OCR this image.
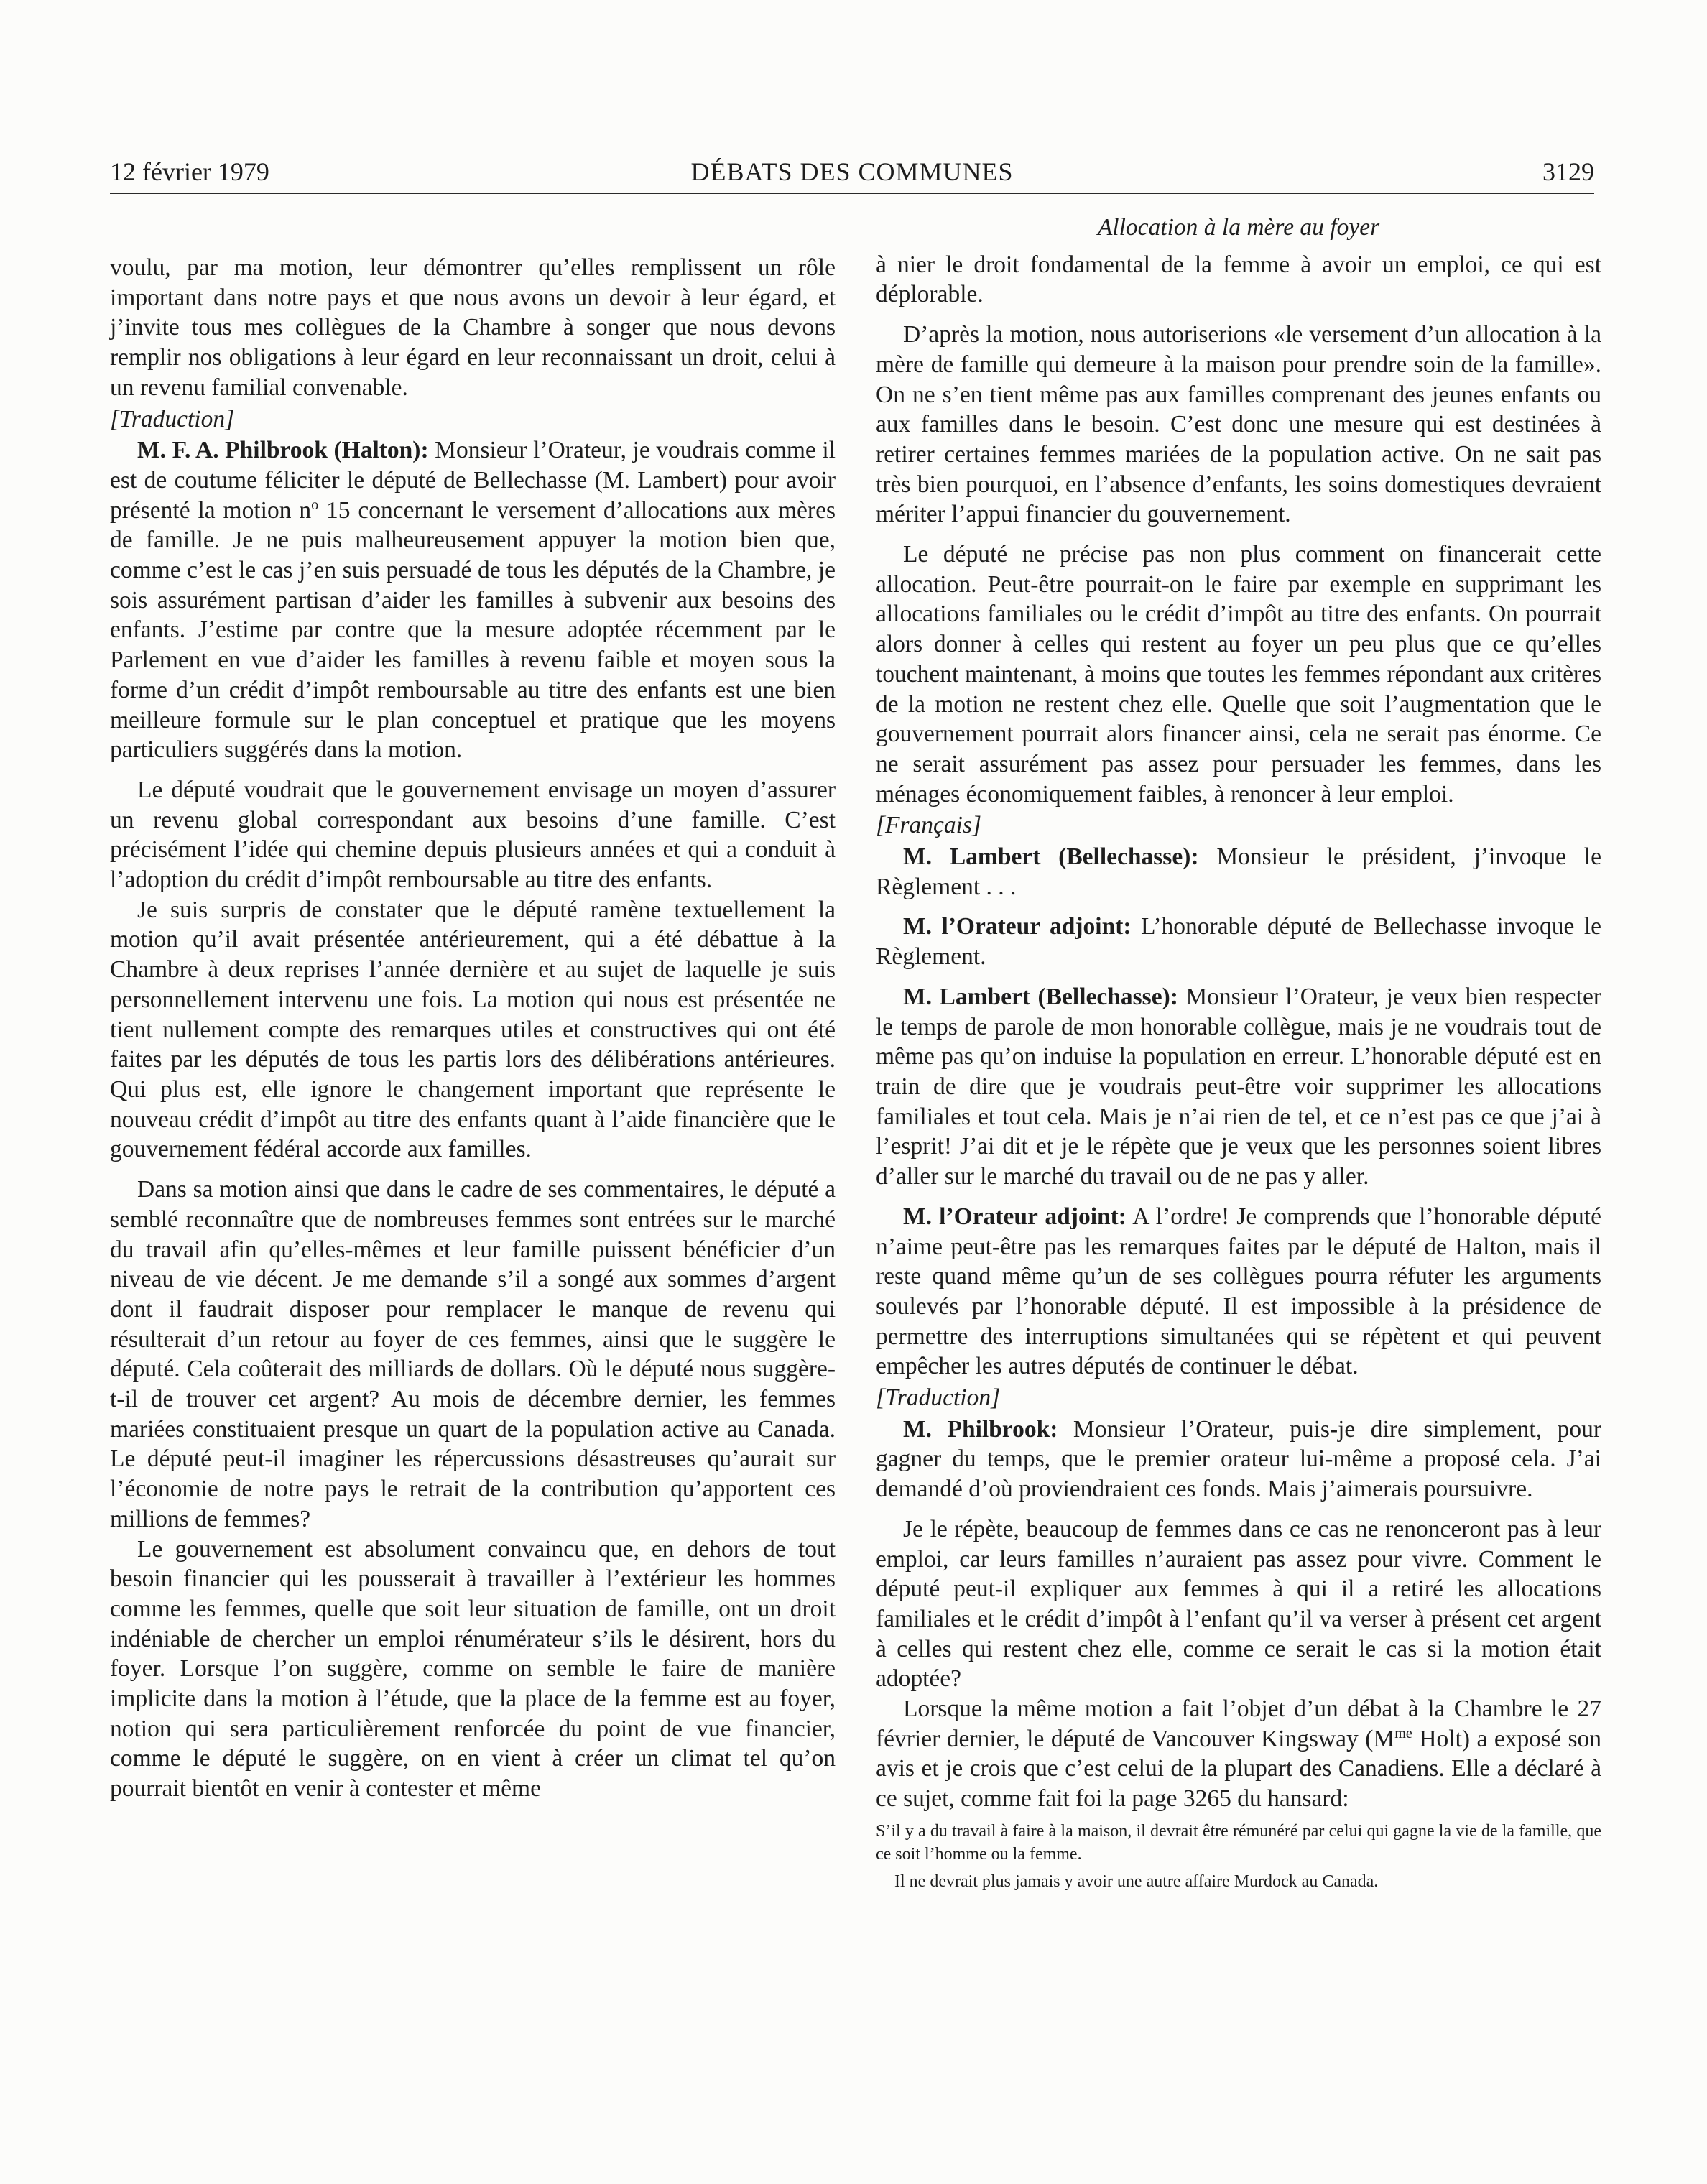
12 février 1979	DÉBATS DES COMMUNES	3129

voulu, par ma motion, leur démontrer qu’elles remplissent un rôle important dans notre pays et que nous avons un devoir à leur égard, et j’invite tous mes collègues de la Chambre à songer que nous devons remplir nos obligations à leur égard en leur reconnaissant un droit, celui à un revenu familial convenable.

[Traduction]

M. F. A. Philbrook (Halton): Monsieur l’Orateur, je voudrais comme il est de coutume féliciter le député de Bellechasse (M. Lambert) pour avoir présenté la motion $n^o$ 15 concernant le versement d’allocations aux mères de famille. Je ne puis malheureusement appuyer la motion bien que, comme c’est le cas j’en suis persuadé de tous les députés de la Chambre, je sois assurément partisan d’aider les familles à subvenir aux besoins des enfants. J’estime par contre que la mesure adoptée récemment par le Parlement en vue d’aider les familles à revenu faible et moyen sous la forme d’un crédit d’impôt remboursable au titre des enfants est une bien meilleure formule sur le plan conceptuel et pratique que les moyens particuliers suggérés dans la motion.

Le député voudrait que le gouvernement envisage un moyen d’assurer un revenu global correspondant aux besoins d’une famille. C’est précisément l’idée qui chemine depuis plusieurs années et qui a conduit à l’adoption du crédit d’impôt remboursable au titre des enfants.

Je suis surpris de constater que le député ramène textuellement la motion qu’il avait présentée antérieurement, qui a été débattue à la Chambre à deux reprises l’année dernière et au sujet de laquelle je suis personnellement intervenu une fois. La motion qui nous est présentée ne tient nullement compte des remarques utiles et constructives qui ont été faites par les députés de tous les partis lors des délibérations antérieures. Qui plus est, elle ignore le changement important que représente le nouveau crédit d’impôt au titre des enfants quant à l’aide financière que le gouvernement fédéral accorde aux familles.

Dans sa motion ainsi que dans le cadre de ses commentaires, le député a semblé reconnaître que de nombreuses femmes sont entrées sur le marché du travail afin qu’elles-mêmes et leur famille puissent bénéficier d’un niveau de vie décent. Je me demande s’il a songé aux sommes d’argent dont il faudrait disposer pour remplacer le manque de revenu qui résulterait d’un retour au foyer de ces femmes, ainsi que le suggère le député. Cela coûterait des milliards de dollars. Où le député nous suggère-t-il de trouver cet argent? Au mois de décembre dernier, les femmes mariées constituaient presque un quart de la population active au Canada. Le député peut-il imaginer les répercussions désastreuses qu’aurait sur l’économie de notre pays le retrait de la contribution qu’apportent ces millions de femmes?

Le gouvernement est absolument convaincu que, en dehors de tout besoin financier qui les pousserait à travailler à l’extérieur les hommes comme les femmes, quelle que soit leur situation de famille, ont un droit indéniable de chercher un emploi rénumérateur s’ils le désirent, hors du foyer. Lorsque l’on suggère, comme on semble le faire de manière implicite dans la motion à l’étude, que la place de la femme est au foyer, notion qui sera particulièrement renforcée du point de vue financier, comme le député le suggère, on en vient à créer un climat tel qu’on pourrait bientôt en venir à contester et même

Allocation à la mère au foyer

à nier le droit fondamental de la femme à avoir un emploi, ce qui est déplorable.

D’après la motion, nous autoriserions «le versement d’un allocation à la mère de famille qui demeure à la maison pour prendre soin de la famille». On ne s’en tient même pas aux familles comprenant des jeunes enfants ou aux familles dans le besoin. C’est donc une mesure qui est destinées à retirer certaines femmes mariées de la population active. On ne sait pas très bien pourquoi, en l’absence d’enfants, les soins domestiques devraient mériter l’appui financier du gouvernement.

Le député ne précise pas non plus comment on financerait cette allocation. Peut-être pourrait-on le faire par exemple en supprimant les allocations familiales ou le crédit d’impôt au titre des enfants. On pourrait alors donner à celles qui restent au foyer un peu plus que ce qu’elles touchent maintenant, à moins que toutes les femmes répondant aux critères de la motion ne restent chez elle. Quelle que soit l’augmentation que le gouvernement pourrait alors financer ainsi, cela ne serait pas énorme. Ce ne serait assurément pas assez pour persuader les femmes, dans les ménages économiquement faibles, à renoncer à leur emploi.

[Français]

M. Lambert (Bellechasse): Monsieur le président, j’invoque le Règlement . . .

M. l’Orateur adjoint: L’honorable député de Bellechasse invoque le Règlement.

M. Lambert (Bellechasse): Monsieur l’Orateur, je veux bien respecter le temps de parole de mon honorable collègue, mais je ne voudrais tout de même pas qu’on induise la population en erreur. L’honorable député est en train de dire que je voudrais peut-être voir supprimer les allocations familiales et tout cela. Mais je n’ai rien de tel, et ce n’est pas ce que j’ai à l’esprit! J’ai dit et je le répète que je veux que les personnes soient libres d’aller sur le marché du travail ou de ne pas y aller.

M. l’Orateur adjoint: A l’ordre! Je comprends que l’honorable député n’aime peut-être pas les remarques faites par le député de Halton, mais il reste quand même qu’un de ses collègues pourra réfuter les arguments soulevés par l’honorable député. Il est impossible à la présidence de permettre des interruptions simultanées qui se répètent et qui peuvent empêcher les autres députés de continuer le débat.

[Traduction]

M. Philbrook: Monsieur l’Orateur, puis-je dire simplement, pour gagner du temps, que le premier orateur lui-même a proposé cela. J’ai demandé d’où proviendraient ces fonds. Mais j’aimerais poursuivre.

Je le répète, beaucoup de femmes dans ce cas ne renonceront pas à leur emploi, car leurs familles n’auraient pas assez pour vivre. Comment le député peut-il expliquer aux femmes à qui il a retiré les allocations familiales et le crédit d’impôt à l’enfant qu’il va verser à présent cet argent à celles qui restent chez elle, comme ce serait le cas si la motion était adoptée?

Lorsque la même motion a fait l’objet d’un débat à la Chambre le 27 février dernier, le député de Vancouver Kingsway ($M^{me}$ Holt) a exposé son avis et je crois que c’est celui de la plupart des Canadiens. Elle a déclaré à ce sujet, comme fait foi la page 3265 du hansard:

S’il y a du travail à faire à la maison, il devrait être rémunéré par celui qui gagne la vie de la famille, que ce soit l’homme ou la femme.

Il ne devrait plus jamais y avoir une autre affaire Murdock au Canada.
